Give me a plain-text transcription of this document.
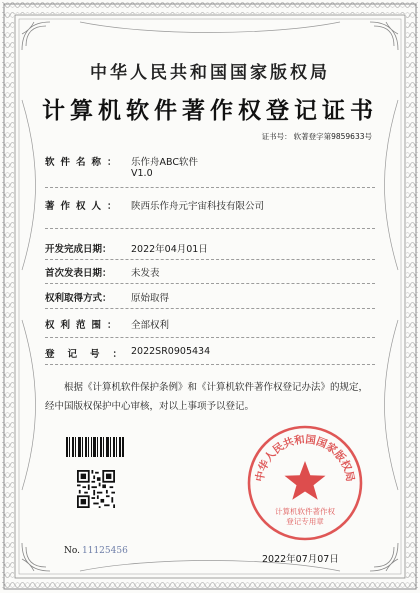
中华人民共和国国家版权局
计算机软件著作权登记证书
证书号： 软著登字第9859633号
软件名称： 乐作舟ABC软件
V1.0
著作权人： 陕西乐作舟元宇宙科技有限公司
开发完成日期：	2022年04月01日
首次发表日期：	未发表
权利取得方式：	原始取得
权利范围： 全部权利
登记号：
2022SR0905434
根据《计算机软件保护条例》和《计算机软件著作权登记办法》的规定，经中国版权保护中心审核，对以上事项予以登记。
No. 11125456
中华人民共和国国家版权局
计算机软件著作权
登记专用章
2022年07月07日
